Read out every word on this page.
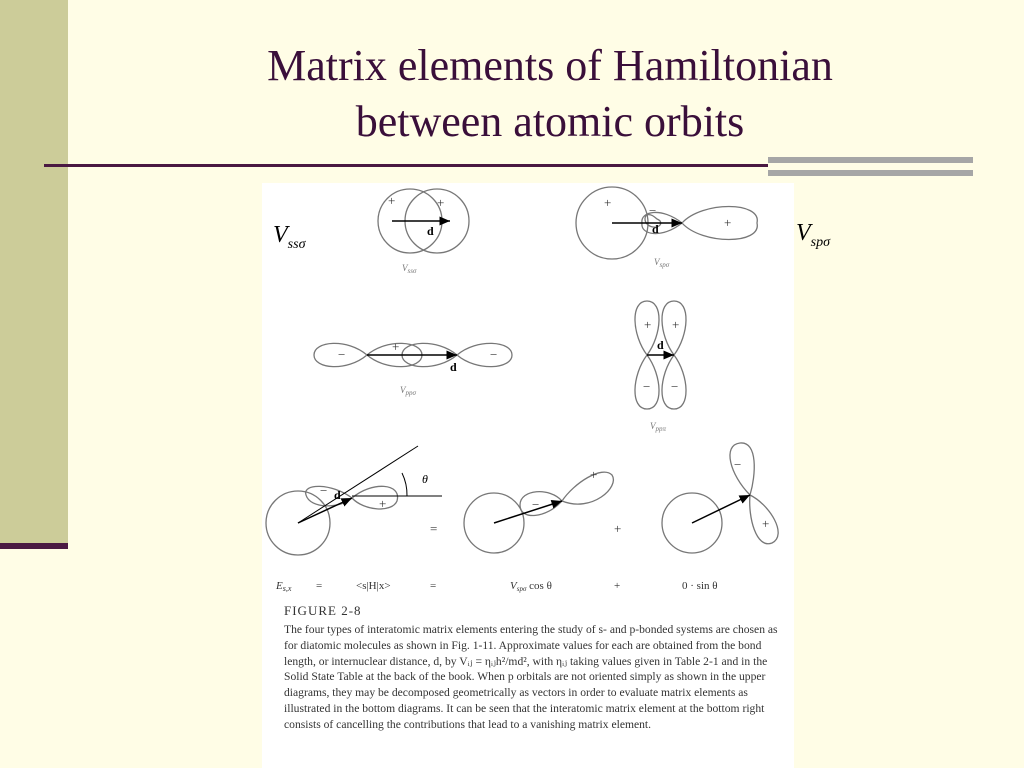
Matrix elements of Hamiltonian
between atomic orbits
+	+	+
+
−
−	−
+
+ +
− −
−
+	−
+
−
+
=	+
d	d
d
d
d
θ
$V_{ss\sigma}$
$V_{sp\sigma}$
$V_{pp\sigma}$
$V_{pp\pi}$
Es,x =	<s|H|x>	=	Vspσ cos θ	+	0 · sin θ
FIGURE 2-8
The four types of interatomic matrix elements entering the study of s- and p-bonded systems are chosen as for diatomic molecules as shown in Fig. 1-11. Approximate values for each are obtained from the bond length, or internuclear distance, d, by Vᵢⱼ = ηᵢⱼh²/md², with ηᵢⱼ taking values given in Table 2-1 and in the Solid State Table at the back of the book. When p orbitals are not oriented simply as shown in the upper diagrams, they may be decomposed geometrically as vectors in order to evaluate matrix elements as illustrated in the bottom diagrams. It can be seen that the interatomic matrix element at the bottom right consists of cancelling the contributions that lead to a vanishing matrix element.
$V_{ss\sigma}$	$V_{sp\sigma}$
